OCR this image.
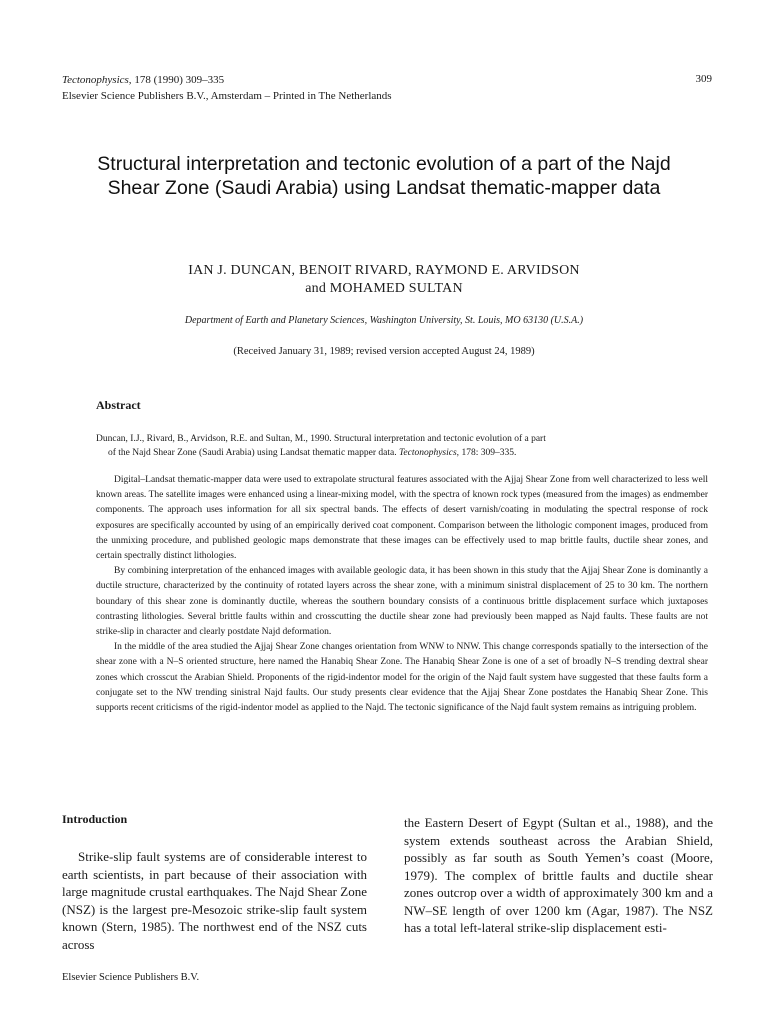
Tectonophysics, 178 (1990) 309–335
Elsevier Science Publishers B.V., Amsterdam – Printed in The Netherlands
309
Structural interpretation and tectonic evolution of a part of the Najd Shear Zone (Saudi Arabia) using Landsat thematic-mapper data
IAN J. DUNCAN, BENOIT RIVARD, RAYMOND E. ARVIDSON
and MOHAMED SULTAN
Department of Earth and Planetary Sciences, Washington University, St. Louis, MO 63130 (U.S.A.)
(Received January 31, 1989; revised version accepted August 24, 1989)
Abstract
Duncan, I.J., Rivard, B., Arvidson, R.E. and Sultan, M., 1990. Structural interpretation and tectonic evolution of a part
of the Najd Shear Zone (Saudi Arabia) using Landsat thematic mapper data. Tectonophysics, 178: 309–335.

Digital–Landsat thematic-mapper data were used to extrapolate structural features associated with the Ajjaj Shear Zone from well characterized to less well known areas. The satellite images were enhanced using a linear-mixing model, with the spectra of known rock types (measured from the images) as endmember components. The approach uses information for all six spectral bands. The effects of desert varnish/coating in modulating the spectral response of rock exposures are specifically accounted by using of an empirically derived coat component. Comparison between the lithologic component images, produced from the unmixing procedure, and published geologic maps demonstrate that these images can be effectively used to map brittle faults, ductile shear zones, and certain spectrally distinct lithologies.

By combining interpretation of the enhanced images with available geologic data, it has been shown in this study that the Ajjaj Shear Zone is dominantly a ductile structure, characterized by the continuity of rotated layers across the shear zone, with a minimum sinistral displacement of 25 to 30 km. The northern boundary of this shear zone is dominantly ductile, whereas the southern boundary consists of a continuous brittle displacement surface which juxtaposes contrasting lithologies. Several brittle faults within and crosscutting the ductile shear zone had previously been mapped as Najd faults. These faults are not strike-slip in character and clearly postdate Najd deformation.

In the middle of the area studied the Ajjaj Shear Zone changes orientation from WNW to NNW. This change corresponds spatially to the intersection of the shear zone with a N–S oriented structure, here named the Hanabiq Shear Zone. The Hanabiq Shear Zone is one of a set of broadly N–S trending dextral shear zones which crosscut the Arabian Shield. Proponents of the rigid-indentor model for the origin of the Najd fault system have suggested that these faults form a conjugate set to the NW trending sinistral Najd faults. Our study presents clear evidence that the Ajjaj Shear Zone postdates the Hanabiq Shear Zone. This supports recent criticisms of the rigid-indentor model as applied to the Najd. The tectonic significance of the Najd fault system remains as intriguing problem.

Introduction

Strike-slip fault systems are of considerable interest to earth scientists, in part because of their association with large magnitude crustal earthquakes. The Najd Shear Zone (NSZ) is the largest pre-Mesozoic strike-slip fault system known (Stern, 1985). The northwest end of the NSZ cuts across

the Eastern Desert of Egypt (Sultan et al., 1988), and the system extends southeast across the Arabian Shield, possibly as far south as South Yemen’s coast (Moore, 1979). The complex of brittle faults and ductile shear zones outcrop over a width of approximately 300 km and a NW–SE length of over 1200 km (Agar, 1987). The NSZ has a total left-lateral strike-slip displacement esti-

Elsevier Science Publishers B.V.
